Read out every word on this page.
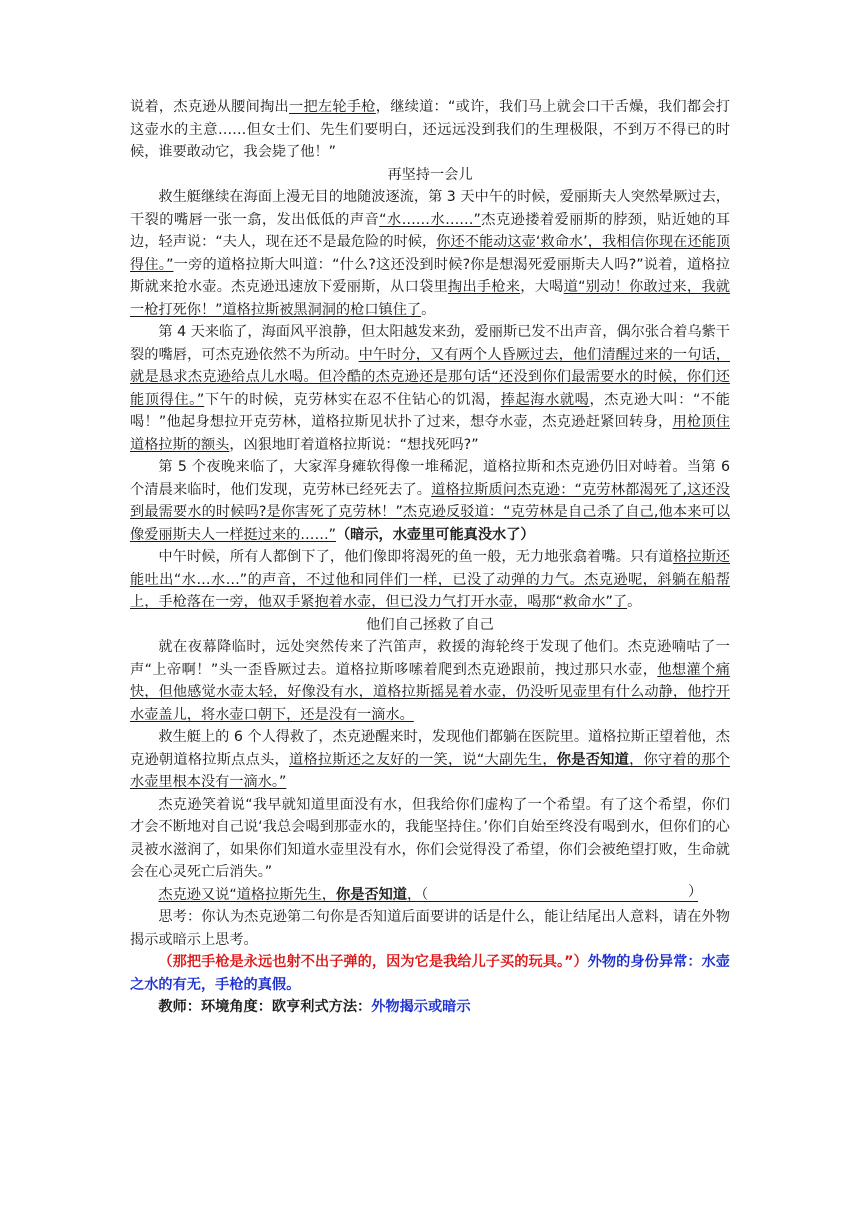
说着，杰克逊从腰间掏出一把左轮手枪，继续道：“或许，我们马上就会口干舌燥，我们都会打这壶水的主意……但女士们、先生们要明白，还远远没到我们的生理极限，不到万不得已的时候，谁要敢动它，我会毙了他！”

再坚持一会儿

救生艇继续在海面上漫无目的地随波逐流，第 3 天中午的时候，爱丽斯夫人突然晕厥过去，干裂的嘴唇一张一翕，发出低低的声音“水……水……”杰克逊搂着爱丽斯的脖颈，贴近她的耳边，轻声说：“夫人，现在还不是最危险的时候，你还不能动这壶‘救命水’，我相信你现在还能顶得住。”一旁的道格拉斯大叫道：“什么?这还没到时候?你是想渴死爱丽斯夫人吗?”说着，道格拉斯就来抢水壶。杰克逊迅速放下爱丽斯，从口袋里掏出手枪来，大喝道“别动！你敢过来，我就一枪打死你！”道格拉斯被黑洞洞的枪口镇住了。

第 4 天来临了，海面风平浪静，但太阳越发来劲，爱丽斯已发不出声音，偶尔张合着乌紫干裂的嘴唇，可杰克逊依然不为所动。中午时分，又有两个人昏厥过去，他们清醒过来的一句话，就是恳求杰克逊给点儿水喝。但冷酷的杰克逊还是那句话“还没到你们最需要水的时候，你们还能顶得住。”下午的时候，克劳林实在忍不住钻心的饥渴，捧起海水就喝，杰克逊大叫：“不能喝！”他起身想拉开克劳林，道格拉斯见状扑了过来，想夺水壶，杰克逊赶紧回转身，用枪顶住道格拉斯的额头，凶狠地盯着道格拉斯说：“想找死吗?”

第 5 个夜晚来临了，大家浑身瘫软得像一堆稀泥，道格拉斯和杰克逊仍旧对峙着。当第 6 个清晨来临时，他们发现，克劳林已经死去了。道格拉斯质问杰克逊：“克劳林都渴死了,这还没到最需要水的时候吗?是你害死了克劳林！”杰克逊反驳道：“克劳林是自己杀了自己,他本来可以像爱丽斯夫人一样挺过来的……”（暗示，水壶里可能真没水了）

中午时候，所有人都倒下了，他们像即将渴死的鱼一般，无力地张翕着嘴。只有道格拉斯还能吐出“水…水…”的声音，不过他和同伴们一样，已没了动弹的力气。杰克逊呢，斜躺在船帮上，手枪落在一旁，他双手紧抱着水壶，但已没力气打开水壶，喝那“救命水”了。

他们自己拯救了自己

就在夜幕降临时，远处突然传来了汽笛声，救援的海轮终于发现了他们。杰克逊喃咕了一声“上帝啊！”头一歪昏厥过去。道格拉斯哆嗦着爬到杰克逊跟前，拽过那只水壶，他想灌个痛快，但他感觉水壶太轻，好像没有水，道格拉斯摇晃着水壶，仍没听见壶里有什么动静，他拧开水壶盖儿，将水壶口朝下，还是没有一滴水。

救生艇上的 6 个人得救了，杰克逊醒来时，发现他们都躺在医院里。道格拉斯正望着他，杰克逊朝道格拉斯点点头，道格拉斯还之友好的一笑，说“大副先生，你是否知道，你守着的那个水壶里根本没有一滴水。”

杰克逊笑着说“我早就知道里面没有水，但我给你们虚构了一个希望。有了这个希望，你们才会不断地对自己说‘我总会喝到那壶水的，我能坚持住。’你们自始至终没有喝到水，但你们的心灵被水滋润了，如果你们知道水壶里没有水，你们会觉得没了希望，你们会被绝望打败，生命就会在心灵死亡后消失。”

杰克逊又说“道格拉斯先生，你是否知道，（	）

思考：你认为杰克逊第二句你是否知道后面要讲的话是什么，能让结尾出人意料，请在外物揭示或暗示上思考。

（那把手枪是永远也射不出子弹的，因为它是我给儿子买的玩具。”）外物的身份异常：水壶之水的有无，手枪的真假。

教师：环境角度：欧亨利式方法：外物揭示或暗示
